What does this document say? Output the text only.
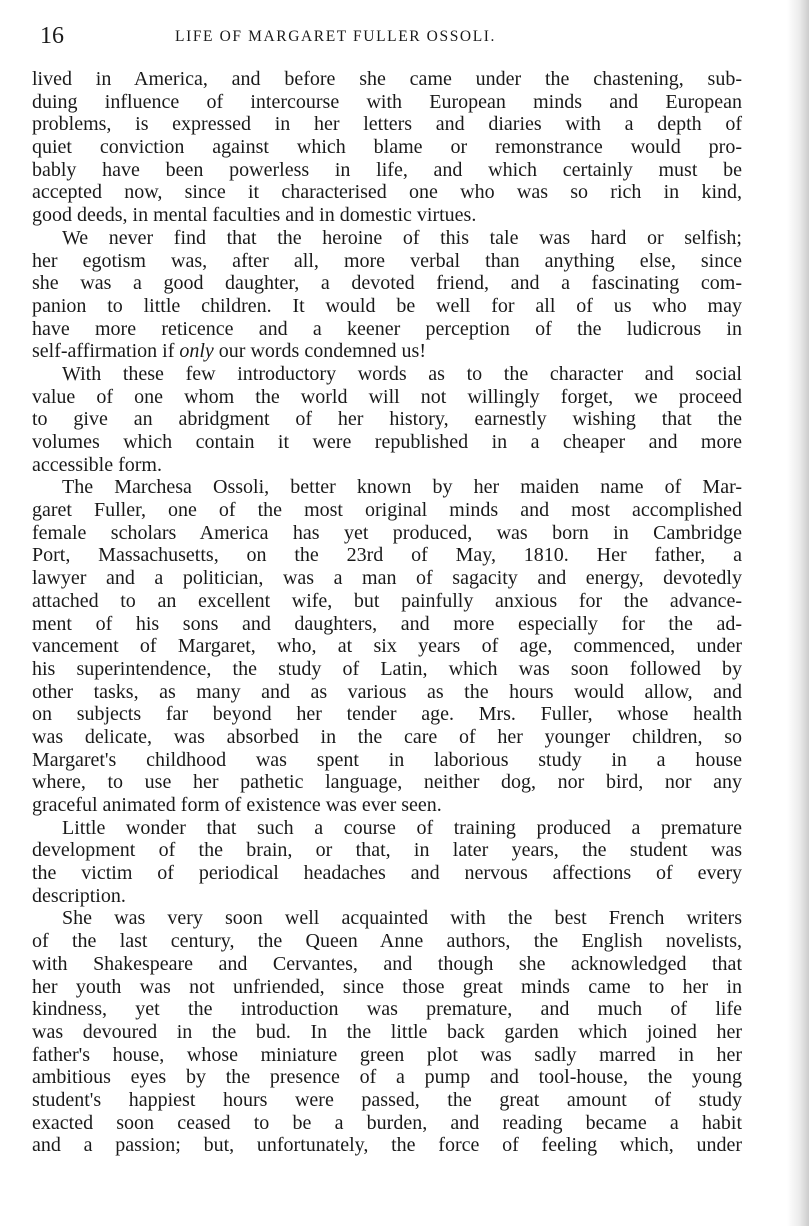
16	LIFE OF MARGARET FULLER OSSOLI.
lived in America, and before she came under the chastening, sub-
duing influence of intercourse with European minds and European
problems, is expressed in her letters and diaries with a depth of
quiet conviction against which blame or remonstrance would pro-
bably have been powerless in life, and which certainly must be
accepted now, since it characterised one who was so rich in kind,
good deeds, in mental faculties and in domestic virtues.
We never find that the heroine of this tale was hard or selfish;
her egotism was, after all, more verbal than anything else, since
she was a good daughter, a devoted friend, and a fascinating com-
panion to little children. It would be well for all of us who may
have more reticence and a keener perception of the ludicrous in
self-affirmation if only our words condemned us!
With these few introductory words as to the character and social
value of one whom the world will not willingly forget, we proceed
to give an abridgment of her history, earnestly wishing that the
volumes which contain it were republished in a cheaper and more
accessible form.
The Marchesa Ossoli, better known by her maiden name of Mar-
garet Fuller, one of the most original minds and most accomplished
female scholars America has yet produced, was born in Cambridge
Port, Massachusetts, on the 23rd of May, 1810. Her father, a
lawyer and a politician, was a man of sagacity and energy, devotedly
attached to an excellent wife, but painfully anxious for the advance-
ment of his sons and daughters, and more especially for the ad-
vancement of Margaret, who, at six years of age, commenced, under
his superintendence, the study of Latin, which was soon followed by
other tasks, as many and as various as the hours would allow, and
on subjects far beyond her tender age. Mrs. Fuller, whose health
was delicate, was absorbed in the care of her younger children, so
Margaret's childhood was spent in laborious study in a house
where, to use her pathetic language, neither dog, nor bird, nor any
graceful animated form of existence was ever seen.
Little wonder that such a course of training produced a premature
development of the brain, or that, in later years, the student was
the victim of periodical headaches and nervous affections of every
description.
She was very soon well acquainted with the best French writers
of the last century, the Queen Anne authors, the English novelists,
with Shakespeare and Cervantes, and though she acknowledged that
her youth was not unfriended, since those great minds came to her in
kindness, yet the introduction was premature, and much of life
was devoured in the bud. In the little back garden which joined her
father's house, whose miniature green plot was sadly marred in her
ambitious eyes by the presence of a pump and tool-house, the young
student's happiest hours were passed, the great amount of study
exacted soon ceased to be a burden, and reading became a habit
and a passion; but, unfortunately, the force of feeling which, under
